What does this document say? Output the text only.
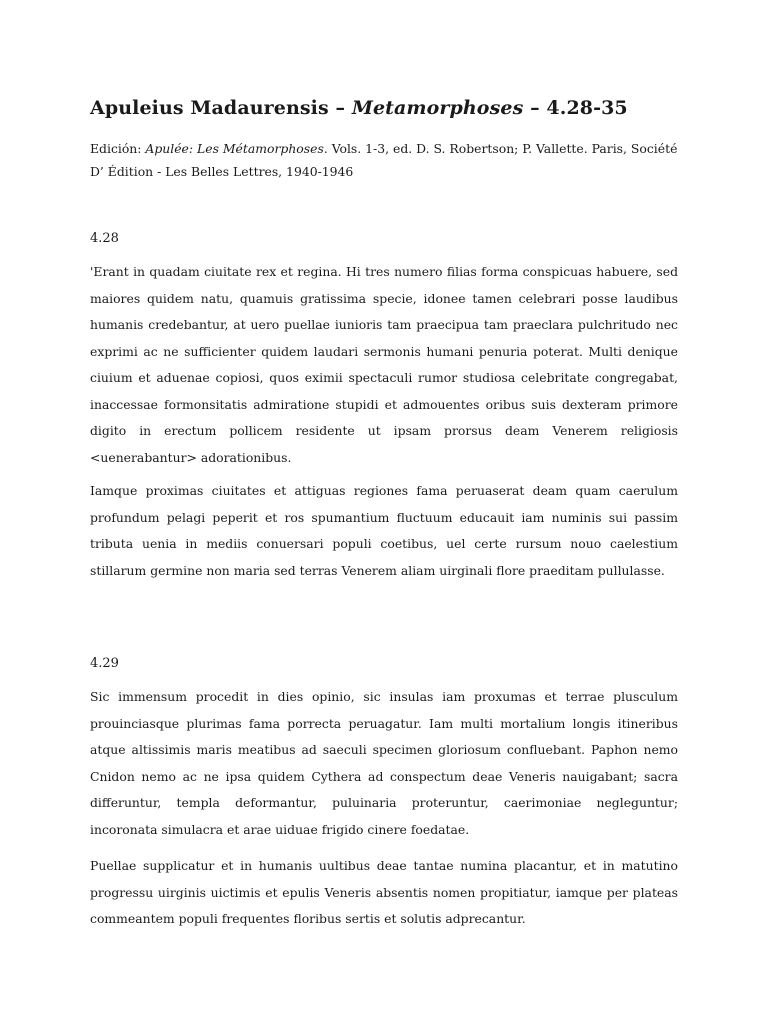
Apuleius Madaurensis – Metamorphoses – 4.28-35

Edición: Apulée: Les Métamorphoses. Vols. 1-3, ed. D. S. Robertson; P. Vallette. Paris, Société D’ Édition - Les Belles Lettres, 1940-1946

4.28

'Erant in quadam ciuitate rex et regina. Hi tres numero filias forma conspicuas habuere, sed maiores quidem natu, quamuis gratissima specie, idonee tamen celebrari posse laudibus humanis credebantur, at uero puellae iunioris tam praecipua tam praeclara pulchritudo nec exprimi ac ne sufficienter quidem laudari sermonis humani penuria poterat. Multi denique ciuium et aduenae copiosi, quos eximii spectaculi rumor studiosa celebritate congregabat, inaccessae formonsitatis admiratione stupidi et admouentes oribus suis dexteram primore digito in erectum pollicem residente ut ipsam prorsus deam Venerem religiosis <uenerabantur> adorationibus.

Iamque proximas ciuitates et attiguas regiones fama peruaserat deam quam caerulum profundum pelagi peperit et ros spumantium fluctuum educauit iam numinis sui passim tributa uenia in mediis conuersari populi coetibus, uel certe rursum nouo caelestium stillarum germine non maria sed terras Venerem aliam uirginali flore praeditam pullulasse.

4.29

Sic immensum procedit in dies opinio, sic insulas iam proxumas et terrae plusculum prouinciasque plurimas fama porrecta peruagatur. Iam multi mortalium longis itineribus atque altissimis maris meatibus ad saeculi specimen gloriosum confluebant. Paphon nemo Cnidon nemo ac ne ipsa quidem Cythera ad conspectum deae Veneris nauigabant; sacra differuntur, templa deformantur, puluinaria proteruntur, caerimoniae negleguntur; incoronata simulacra et arae uiduae frigido cinere foedatae.

Puellae supplicatur et in humanis uultibus deae tantae numina placantur, et in matutino progressu uirginis uictimis et epulis Veneris absentis nomen propitiatur, iamque per plateas commeantem populi frequentes floribus sertis et solutis adprecantur.
